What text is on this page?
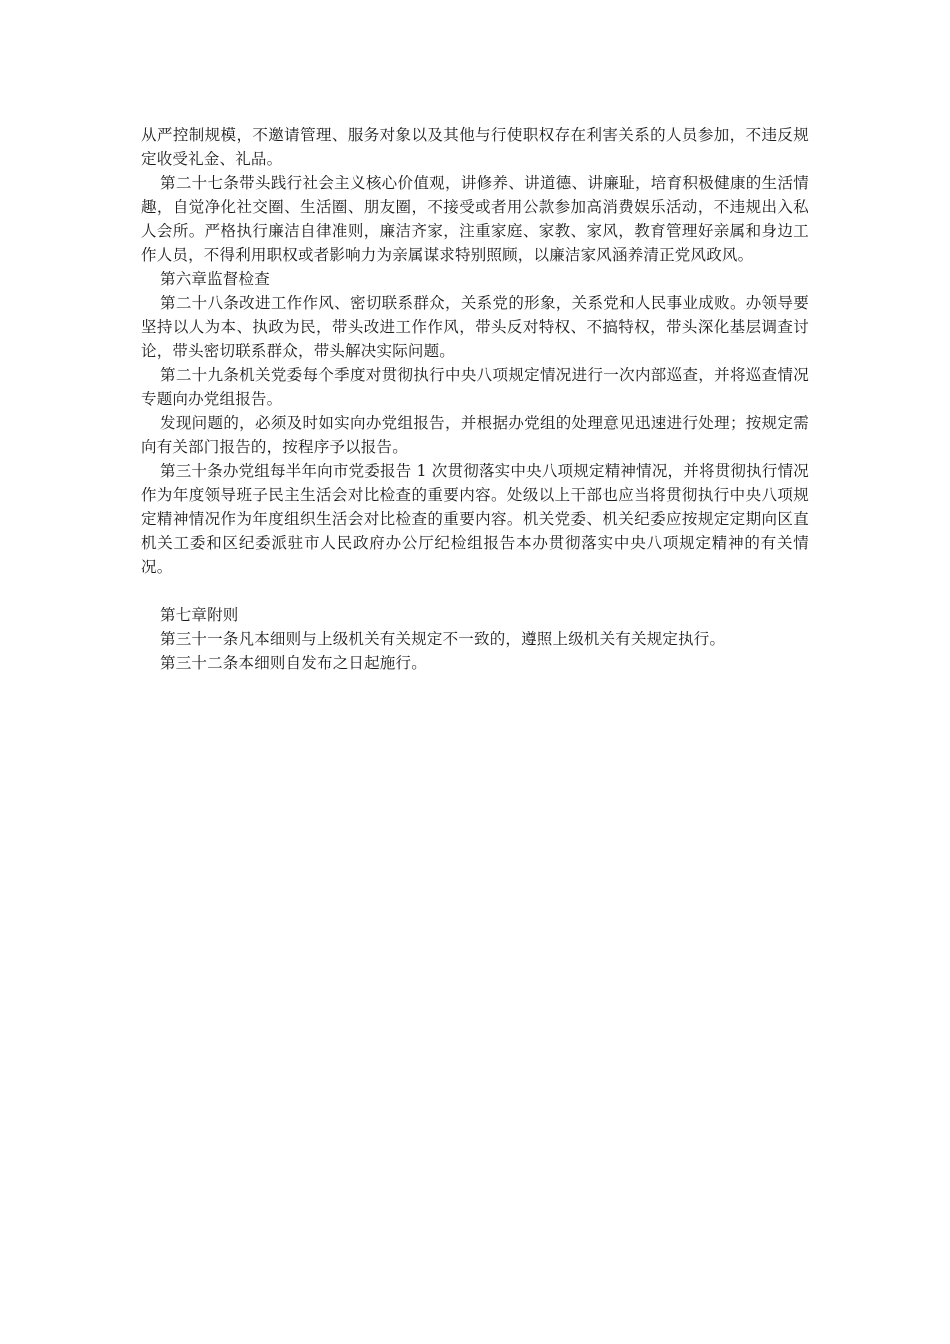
从严控制规模，不邀请管理、服务对象以及其他与行使职权存在利害关系的人员参加，不违反规定收受礼金、礼品。

第二十七条带头践行社会主义核心价值观，讲修养、讲道德、讲廉耻，培育积极健康的生活情趣，自觉净化社交圈、生活圈、朋友圈，不接受或者用公款参加高消费娱乐活动，不违规出入私人会所。严格执行廉洁自律准则，廉洁齐家，注重家庭、家教、家风，教育管理好亲属和身边工作人员，不得利用职权或者影响力为亲属谋求特别照顾，以廉洁家风涵养清正党风政风。

第六章监督检查

第二十八条改进工作作风、密切联系群众，关系党的形象，关系党和人民事业成败。办领导要坚持以人为本、执政为民，带头改进工作作风，带头反对特权、不搞特权，带头深化基层调查讨论，带头密切联系群众，带头解决实际问题。

第二十九条机关党委每个季度对贯彻执行中央八项规定情况进行一次内部巡查，并将巡查情况专题向办党组报告。

发现问题的，必须及时如实向办党组报告，并根据办党组的处理意见迅速进行处理；按规定需向有关部门报告的，按程序予以报告。

第三十条办党组每半年向市党委报告 1 次贯彻落实中央八项规定精神情况，并将贯彻执行情况作为年度领导班子民主生活会对比检查的重要内容。处级以上干部也应当将贯彻执行中央八项规定精神情况作为年度组织生活会对比检查的重要内容。机关党委、机关纪委应按规定定期向区直机关工委和区纪委派驻市人民政府办公厅纪检组报告本办贯彻落实中央八项规定精神的有关情况。

第七章附则

第三十一条凡本细则与上级机关有关规定不一致的，遵照上级机关有关规定执行。

第三十二条本细则自发布之日起施行。
